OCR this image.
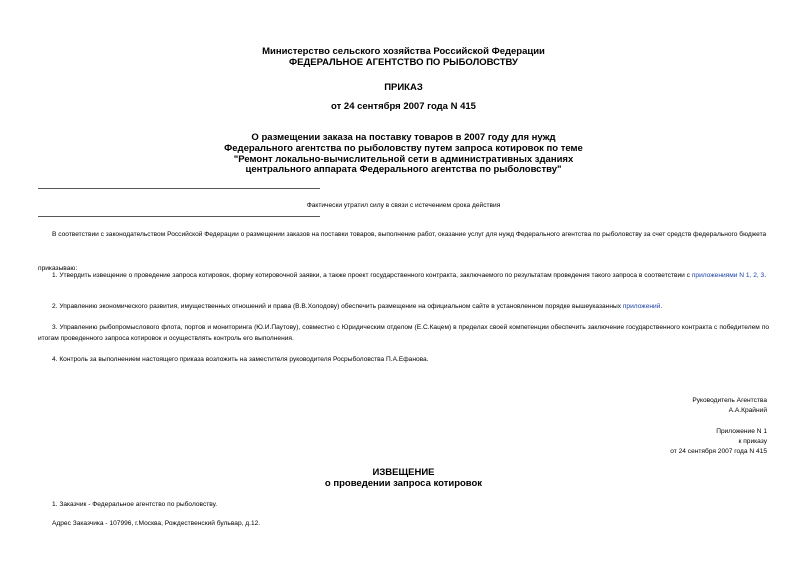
Министерство сельского хозяйства Российской Федерации
ФЕДЕРАЛЬНОЕ АГЕНТСТВО ПО РЫБОЛОВСТВУ
ПРИКАЗ
от 24 сентября 2007 года N 415
О размещении заказа на поставку товаров в 2007 году для нужд
Федерального агентства по рыболовству путем запроса котировок по теме
"Ремонт локально-вычислительной сети в административных зданиях
центрального аппарата Федерального агентства по рыболовству"
Фактически утратил силу в связи с истечением срока действия
В соответствии с законодательством Российской Федерации о размещении заказов на поставки товаров, выполнение работ, оказание услуг для нужд Федерального агентства по рыболовству за счет средств федерального бюджета
приказываю:
1. Утвердить извещение о проведение запроса котировок, форму котировочной заявки, а также проект государственного контракта, заключаемого по результатам проведения такого запроса в соответствии с приложениями N 1, 2, 3.
2. Управлению экономического развития, имущественных отношений и права (В.В.Холодову) обеспечить размещение на официальном сайте в установленном порядке вышеуказанных приложений.
3. Управлению рыбопромыслового флота, портов и мониторинга (Ю.И.Паутову), совместно с Юридическим отделом (Е.С.Кацем) в пределах своей компетенции обеспечить заключение государственного контракта с победителем по итогам проведенного запроса котировок и осуществлять контроль его выполнения.
4. Контроль за выполнением настоящего приказа возложить на заместителя руководителя Росрыболовства П.А.Ефанова.
Руководитель Агентства
А.А.Крайний
Приложение N 1
к приказу
от 24 сентября 2007 года N 415
ИЗВЕЩЕНИЕ
о проведении запроса котировок
1. Заказчик - Федеральное агентство по рыболовству.
Адрес Заказчика - 107996, г.Москва, Рождественский бульвар, д.12.
